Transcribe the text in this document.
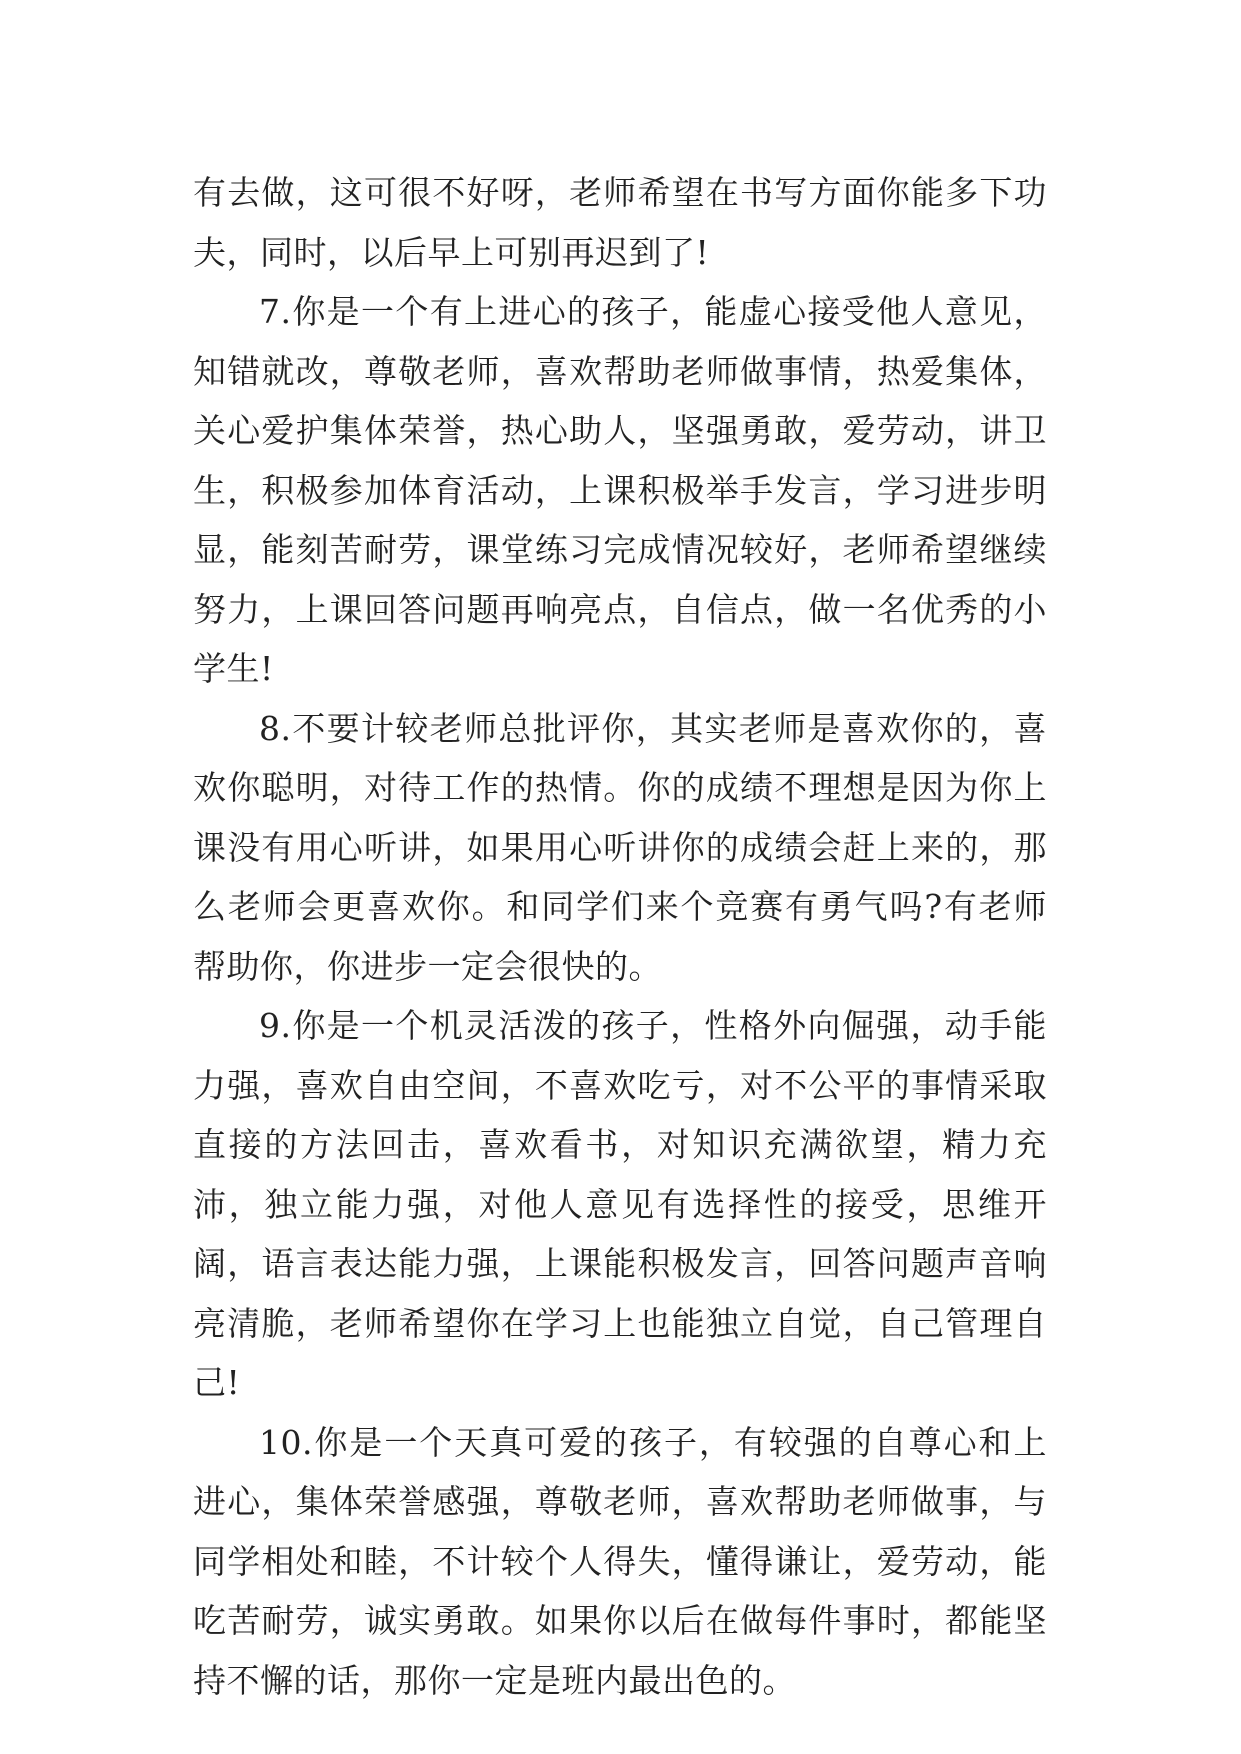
有去做，这可很不好呀，老师希望在书写方面你能多下功夫，同时，以后早上可别再迟到了!

7.你是一个有上进心的孩子，能虚心接受他人意见，知错就改，尊敬老师，喜欢帮助老师做事情，热爱集体，关心爱护集体荣誉，热心助人，坚强勇敢，爱劳动，讲卫生，积极参加体育活动，上课积极举手发言，学习进步明显，能刻苦耐劳，课堂练习完成情况较好，老师希望继续努力，上课回答问题再响亮点，自信点，做一名优秀的小学生!

8.不要计较老师总批评你，其实老师是喜欢你的，喜欢你聪明，对待工作的热情。你的成绩不理想是因为你上课没有用心听讲，如果用心听讲你的成绩会赶上来的，那么老师会更喜欢你。和同学们来个竞赛有勇气吗?有老师帮助你，你进步一定会很快的。

9.你是一个机灵活泼的孩子，性格外向倔强，动手能力强，喜欢自由空间，不喜欢吃亏，对不公平的事情采取直接的方法回击，喜欢看书，对知识充满欲望，精力充沛，独立能力强，对他人意见有选择性的接受，思维开阔，语言表达能力强，上课能积极发言，回答问题声音响亮清脆，老师希望你在学习上也能独立自觉，自己管理自己!

10.你是一个天真可爱的孩子，有较强的自尊心和上进心，集体荣誉感强，尊敬老师，喜欢帮助老师做事，与同学相处和睦，不计较个人得失，懂得谦让，爱劳动，能吃苦耐劳，诚实勇敢。如果你以后在做每件事时，都能坚持不懈的话，那你一定是班内最出色的。
